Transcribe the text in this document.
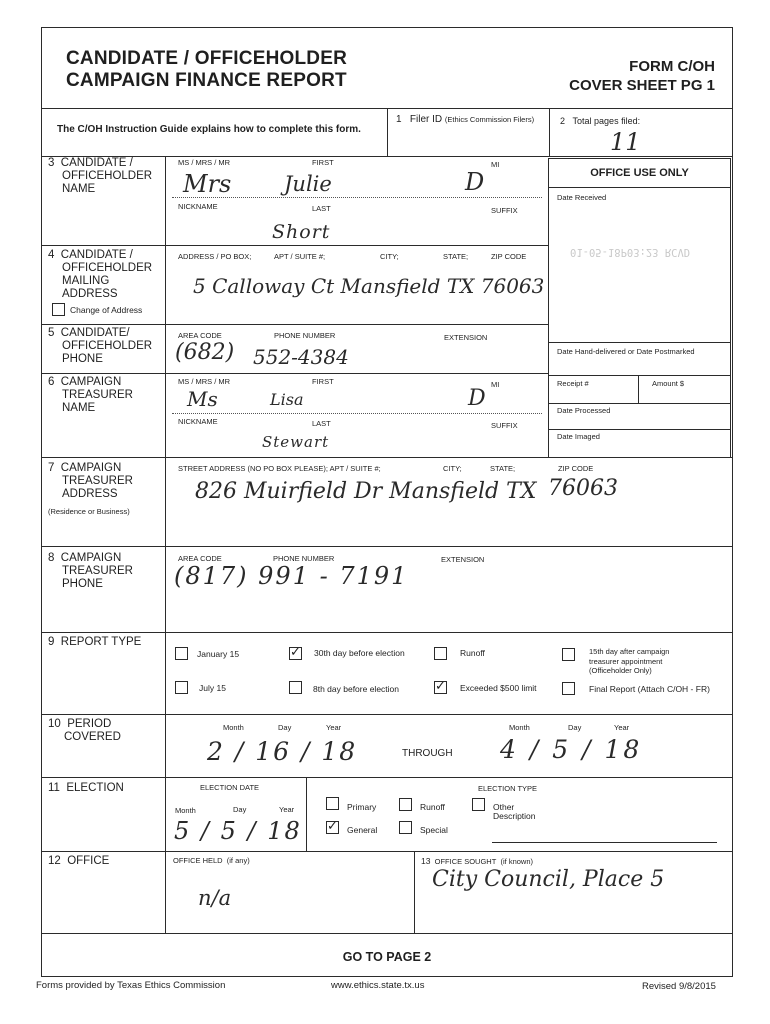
CANDIDATE / OFFICEHOLDER
CAMPAIGN FINANCE REPORT
FORM C/OH
COVER SHEET PG 1
The C/OH Instruction Guide explains how to complete this form.
1 Filer ID (Ethics Commission Filers)	2 Total pages filed:
11
OFFICE USE ONLY
Date Received
01-05-18P03:23 RCVD
Date Hand-delivered or Date Postmarked
Receipt #	Amount $
Date Processed
Date Imaged
3 CANDIDATE /
OFFICEHOLDER
NAME
MS / MRS / MR	FIRST	MI
Mrs	Julie	D
NICKNAME	LAST	SUFFIX
Short
4 CANDIDATE /
OFFICEHOLDER
MAILING
ADDRESS
Change of Address
ADDRESS / PO BOX;	APT / SUITE #;	CITY;	STATE;	ZIP CODE
5 Calloway Ct Mansfield TX 76063
5 CANDIDATE/
OFFICEHOLDER
PHONE
AREA CODE	PHONE NUMBER	EXTENSION
(682) 552-4384
6 CAMPAIGN
TREASURER
NAME
MS / MRS / MR	FIRST	MI
Ms	Lisa	D
NICKNAME	LAST	SUFFIX
Stewart
7 CAMPAIGN
TREASURER
ADDRESS
(Residence or Business)
STREET ADDRESS (NO PO BOX PLEASE); APT / SUITE #;	CITY;	STATE;	ZIP CODE
826 Muirfield Dr Mansfield TX 76063
8 CAMPAIGN
TREASURER
PHONE
AREA CODE	PHONE NUMBER	EXTENSION
(817) 991 - 7191
9 REPORT TYPE
January 15	✓ 30th day before election	Runoff	15th day after campaign
treasurer appointment
(Officeholder Only)
July 15	8th day before election	✓ Exceeded $500 limit	Final Report (Attach C/OH - FR)
10 PERIOD
COVERED
Month	Day	Year	Month	Day	Year
2 / 16 / 18	THROUGH 4 / 5 / 18
11 ELECTION	ELECTION DATE	ELECTION TYPE
Month	Day	Year
5 / 5 / 18
Primary	Runoff	Other
Description
✓ General	Special
12 OFFICE	OFFICE HELD (if any)
n/a
13 OFFICE SOUGHT (if known)
City Council, Place 5
GO TO PAGE 2
Forms provided by Texas Ethics Commission	www.ethics.state.tx.us	Revised 9/8/2015
